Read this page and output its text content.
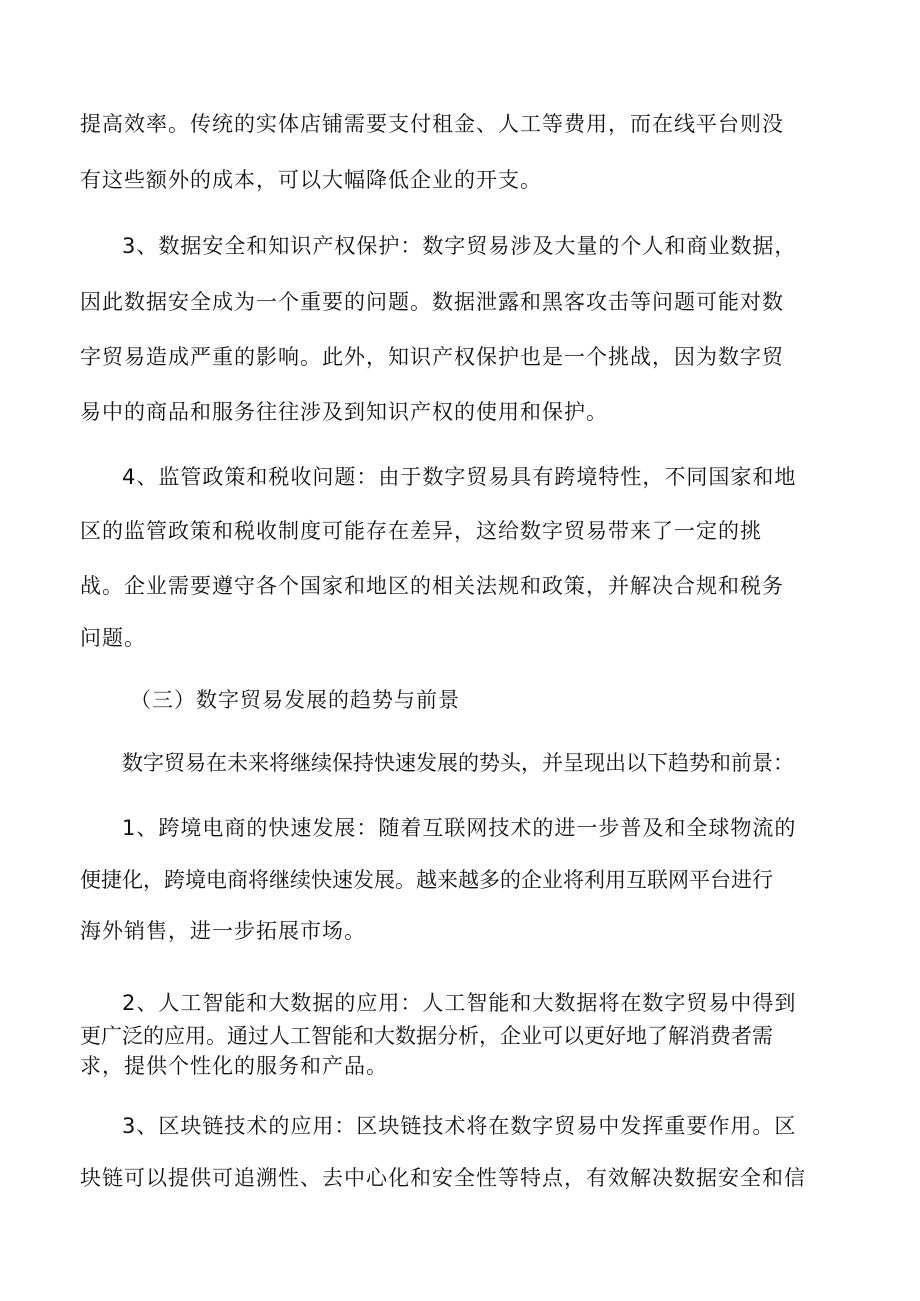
提高效率。传统的实体店铺需要支付租金、人工等费用，而在线平台则没
有这些额外的成本，可以大幅降低企业的开支。
3、数据安全和知识产权保护：数字贸易涉及大量的个人和商业数据，
因此数据安全成为一个重要的问题。数据泄露和黑客攻击等问题可能对数
字贸易造成严重的影响。此外，知识产权保护也是一个挑战，因为数字贸
易中的商品和服务往往涉及到知识产权的使用和保护。
4、监管政策和税收问题：由于数字贸易具有跨境特性，不同国家和地
区的监管政策和税收制度可能存在差异，这给数字贸易带来了一定的挑
战。企业需要遵守各个国家和地区的相关法规和政策，并解决合规和税务
问题。
（三）数字贸易发展的趋势与前景
数字贸易在未来将继续保持快速发展的势头，并呈现出以下趋势和前景：
1、跨境电商的快速发展：随着互联网技术的进一步普及和全球物流的
便捷化，跨境电商将继续快速发展。越来越多的企业将利用互联网平台进行
海外销售，进一步拓展市场。
2、人工智能和大数据的应用：人工智能和大数据将在数字贸易中得到
更广泛的应用。通过人工智能和大数据分析，企业可以更好地了解消费者需
求，提供个性化的服务和产品。
3、区块链技术的应用：区块链技术将在数字贸易中发挥重要作用。区
块链可以提供可追溯性、去中心化和安全性等特点，有效解决数据安全和信
